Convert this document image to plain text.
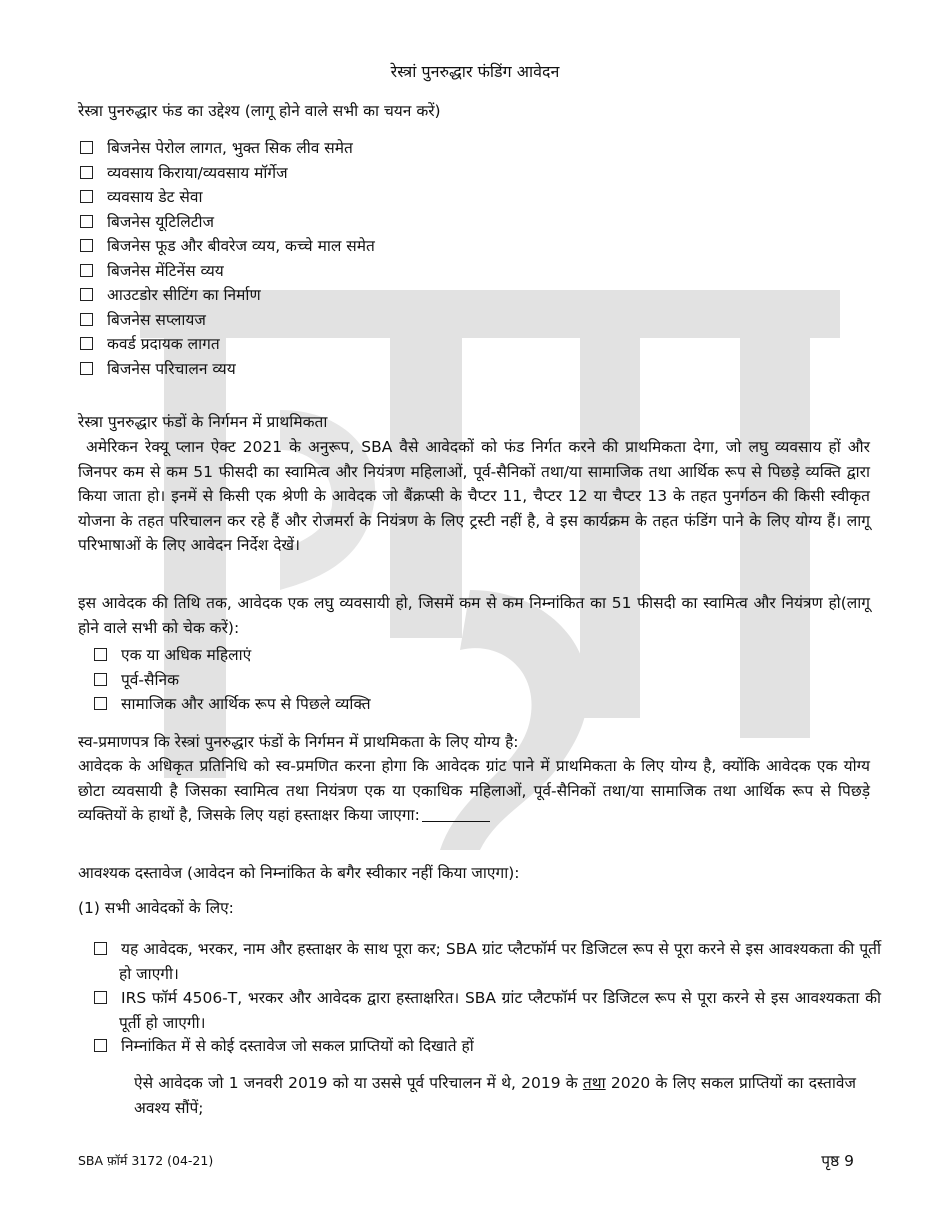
रेस्त्रां पुनरुद्धार फंडिंग आवेदन
रेस्त्रा पुनरुद्धार फंड का उद्देश्य (लागू होने वाले सभी का चयन करें)
बिजनेस पेरोल लागत, भुक्त सिक लीव समेत
व्यवसाय किराया/व्यवसाय मॉर्गेज
व्यवसाय डेट सेवा
बिजनेस यूटिलिटीज
बिजनेस फूड और बीवरेज व्यय, कच्चे माल समेत
बिजनेस मेंटिनेंस व्यय
आउटडोर सीटिंग का निर्माण
बिजनेस सप्लायज
कवर्ड प्रदायक लागत
बिजनेस परिचालन व्यय
रेस्त्रा पुनरुद्धार फंडों के निर्गमन में प्राथमिकता
अमेरिकन रेक्यू प्लान ऐक्ट 2021 के अनुरूप, SBA वैसे आवेदकों को फंड निर्गत करने की प्राथमिकता देगा, जो लघु व्यवसाय हों और जिनपर कम से कम 51 फीसदी का स्वामित्व और नियंत्रण महिलाओं, पूर्व-सैनिकों तथा/या सामाजिक तथा आर्थिक रूप से पिछड़े व्यक्ति द्वारा किया जाता हो। इनमें से किसी एक श्रेणी के आवेदक जो बैंक्रप्सी के चैप्टर 11, चैप्टर 12 या चैप्टर 13 के तहत पुनर्गठन की किसी स्वीकृत योजना के तहत परिचालन कर रहे हैं और रोजमर्रा के नियंत्रण के लिए ट्रस्टी नहीं है, वे इस कार्यक्रम के तहत फंडिंग पाने के लिए योग्य हैं। लागू परिभाषाओं के लिए आवेदन निर्देश देखें।
इस आवेदक की तिथि तक, आवेदक एक लघु व्यवसायी हो, जिसमें कम से कम निम्नांकित का 51 फीसदी का स्वामित्व और नियंत्रण हो(लागू होने वाले सभी को चेक करें):
एक या अधिक महिलाएं
पूर्व-सैनिक
सामाजिक और आर्थिक रूप से पिछले व्यक्ति
स्व-प्रमाणपत्र कि रेस्त्रां पुनरुद्धार फंडों के निर्गमन में प्राथमिकता के लिए योग्य है:
आवेदक के अधिकृत प्रतिनिधि को स्व-प्रमणित करना होगा कि आवेदक ग्रांट पाने में प्राथमिकता के लिए योग्य है, क्योंकि आवेदक एक योग्य छोटा व्यवसायी है जिसका स्वामित्व तथा नियंत्रण एक या एकाधिक महिलाओं, पूर्व-सैनिकों तथा/या सामाजिक तथा आर्थिक रूप से पिछड़े व्यक्तियों के हाथों है, जिसके लिए यहां हस्ताक्षर किया जाएगा:
आवश्यक दस्तावेज (आवेदन को निम्नांकित के बगैर स्वीकार नहीं किया जाएगा):
(1) सभी आवेदकों के लिए:
यह आवेदक, भरकर, नाम और हस्ताक्षर के साथ पूरा कर; SBA ग्रांट प्लैटफॉर्म पर डिजिटल रूप से पूरा करने से इस आवश्यकता की पूर्ती हो जाएगी।
IRS फॉर्म 4506-T, भरकर और आवेदक द्वारा हस्ताक्षरित। SBA ग्रांट प्लैटफॉर्म पर डिजिटल रूप से पूरा करने से इस आवश्यकता की पूर्ती हो जाएगी।
निम्नांकित में से कोई दस्तावेज जो सकल प्राप्तियों को दिखाते हों
ऐसे आवेदक जो 1 जनवरी 2019 को या उससे पूर्व परिचालन में थे, 2019 के तथा 2020 के लिए सकल प्राप्तियों का दस्तावेज अवश्य सौंपें;
SBA फ़ॉर्म 3172 (04-21)	पृष्ठ 9
